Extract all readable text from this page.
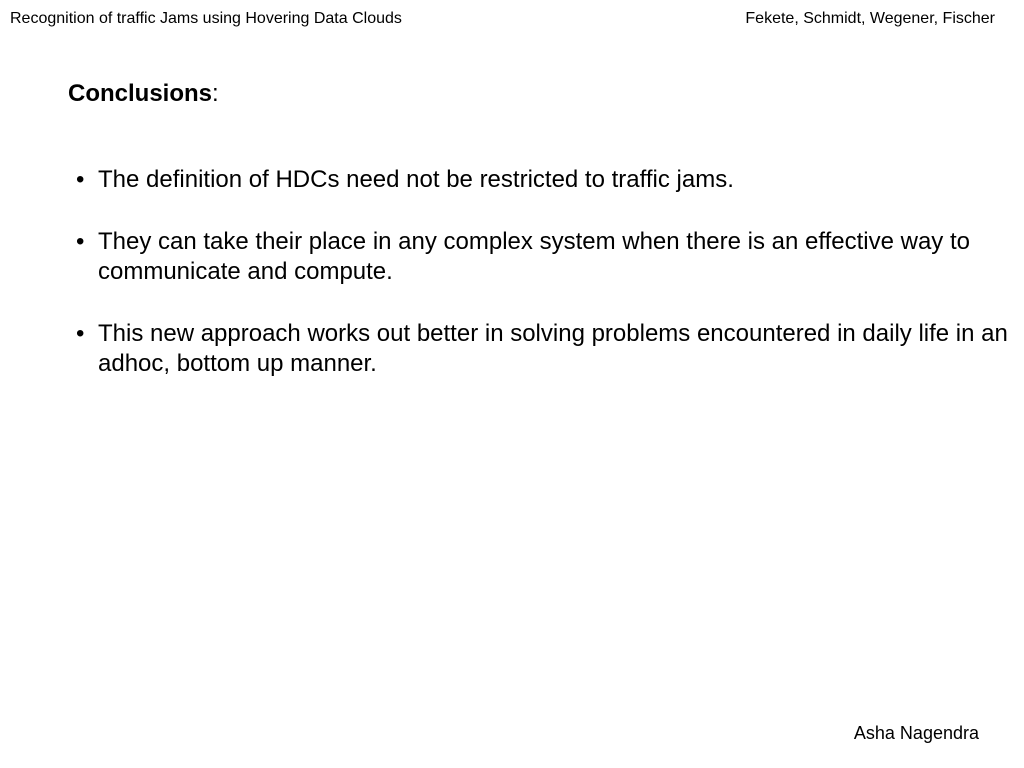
Recognition of traffic Jams using Hovering Data Clouds	Fekete, Schmidt, Wegener, Fischer
Conclusions:
• The definition of HDCs need not be restricted to traffic jams.
• They can take their place in any complex system when there is an effective way to communicate and compute.
• This new approach works out better in solving problems encountered in daily life in an adhoc, bottom up manner.
Asha Nagendra
